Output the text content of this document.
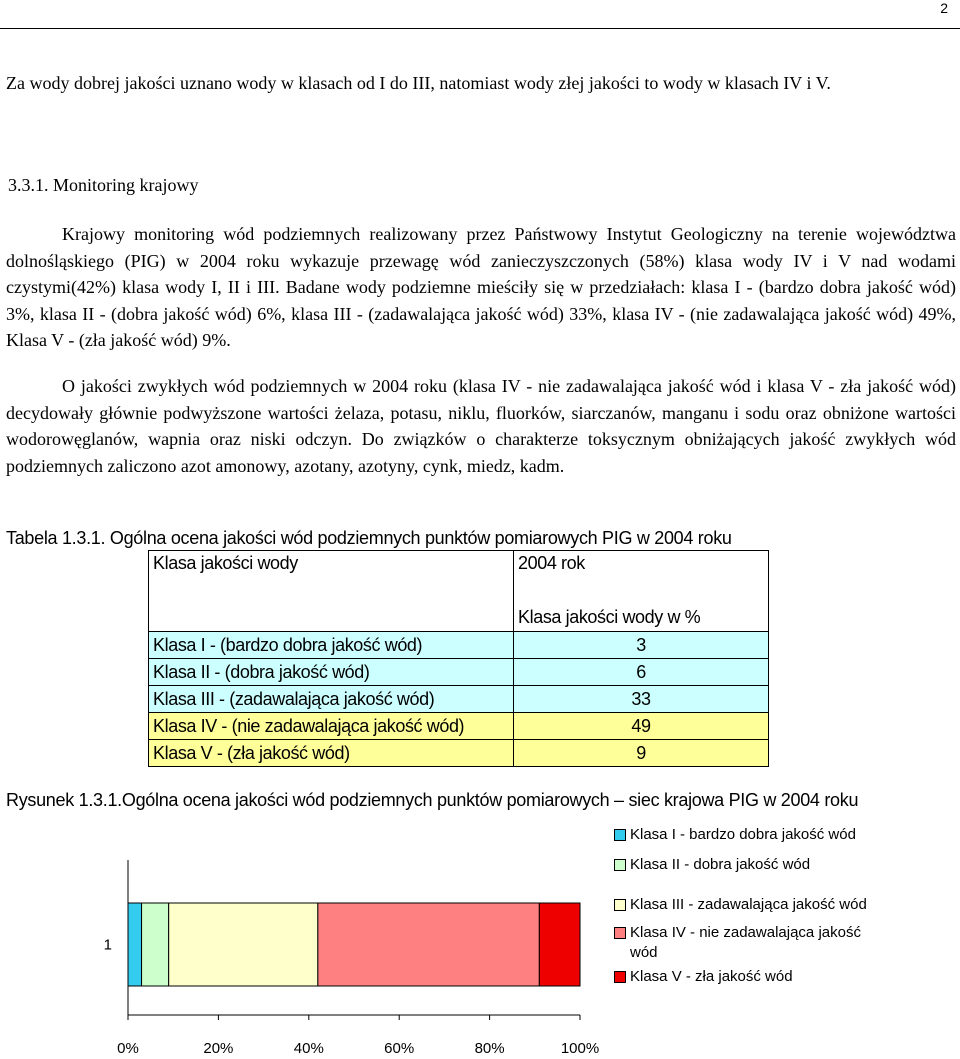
2
Za wody dobrej jakości uznano wody w klasach od I do III, natomiast wody złej jakości to wody w klasach IV i V.
3.3.1. Monitoring krajowy
Krajowy monitoring wód podziemnych realizowany przez Państwowy Instytut Geologiczny na terenie województwa dolnośląskiego (PIG) w 2004 roku wykazuje przewagę wód zanieczyszczonych (58%) klasa wody IV i V nad wodami czystymi(42%) klasa wody I, II i III. Badane wody podziemne mieściły się w przedziałach: klasa I - (bardzo dobra jakość wód) 3%, klasa II - (dobra jakość wód) 6%, klasa III - (zadawalająca jakość wód) 33%, klasa IV - (nie zadawalająca jakość wód) 49%, Klasa V - (zła jakość wód) 9%.
O jakości zwykłych wód podziemnych w 2004 roku (klasa IV - nie zadawalająca jakość wód i klasa V - zła jakość wód) decydowały głównie podwyższone wartości żelaza, potasu, niklu, fluorków, siarczanów, manganu i sodu oraz obniżone wartości wodorowęglanów, wapnia oraz niski odczyn. Do związków o charakterze toksycznym obniżających jakość zwykłych wód podziemnych zaliczono azot amonowy, azotany, azotyny, cynk, miedz, kadm.
Tabela 1.3.1. Ogólna ocena jakości wód podziemnych punktów pomiarowych PIG w 2004 roku
Klasa jakości wody	2004 rok
	Klasa jakości wody w %
Klasa I - (bardzo dobra jakość wód)	3
Klasa II - (dobra jakość wód)	6
Klasa III - (zadawalająca jakość wód)	33
Klasa IV - (nie zadawalająca jakość wód)	49
Klasa V - (zła jakość wód)	9
Rysunek 1.3.1.Ogólna ocena jakości wód podziemnych punktów pomiarowych – siec krajowa PIG w 2004 roku
1
0%	20%	40%	60%	80%	100%
Klasa I - bardzo dobra jakość wód
Klasa II - dobra jakość wód
Klasa III - zadawalająca jakość wód
Klasa IV - nie zadawalająca jakość wód
Klasa V - zła jakość wód
